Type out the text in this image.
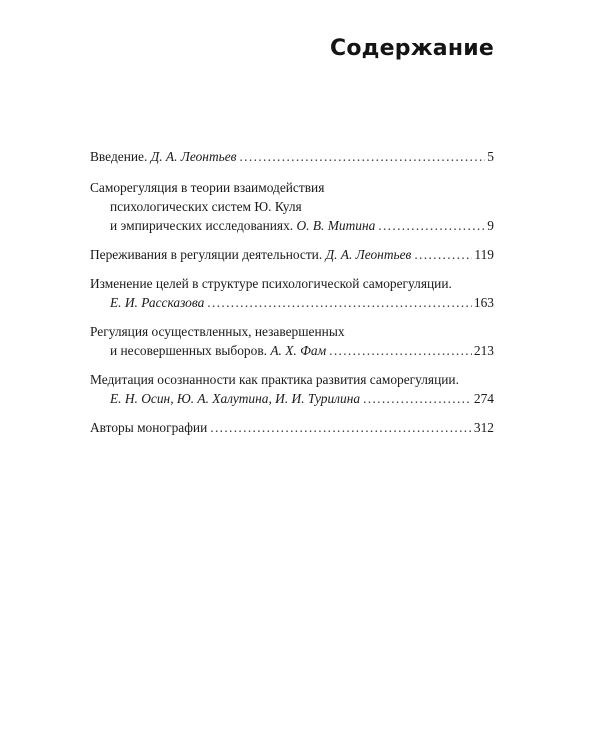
Содержание
Введение. Д. А. Леонтьев . . .	5
Саморегуляция в теории взаимодействия
психологических систем Ю. Куля
и эмпирических исследованиях. О. В. Митина . . .	9
Переживания в регуляции деятельности. Д. А. Леонтьев . . .	119
Изменение целей в структуре психологической саморегуляции.
Е. И. Рассказова . . .	163
Регуляция осуществленных, незавершенных
и несовершенных выборов. А. Х. Фам . . .	213
Медитация осознанности как практика развития саморегуляции.
Е. Н. Осин, Ю. А. Халутина, И. И. Турилина . . .	274
Авторы монографии . . .	312
